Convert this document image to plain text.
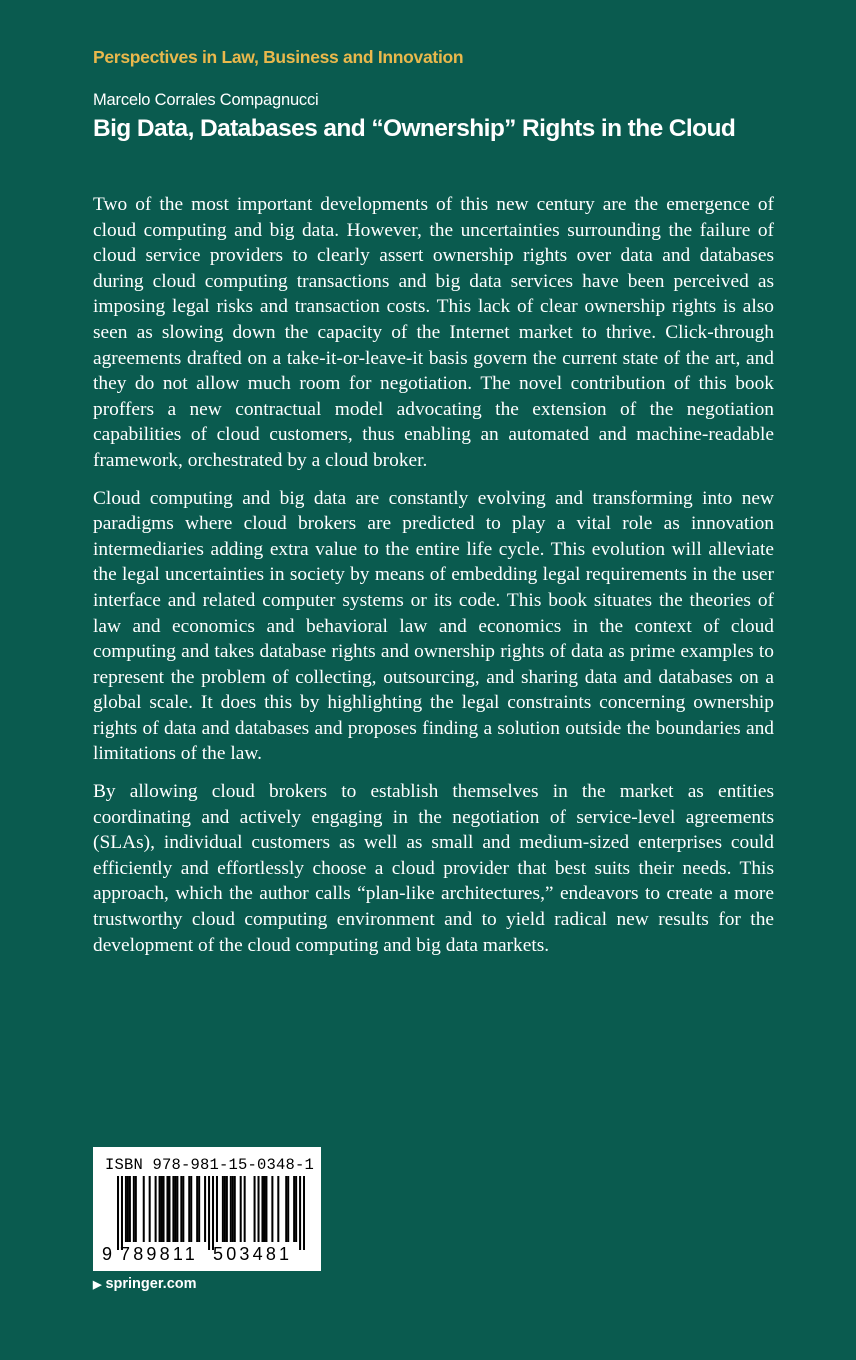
Perspectives in Law, Business and Innovation
Marcelo Corrales Compagnucci
Big Data, Databases and “Ownership” Rights in the Cloud

Two of the most important developments of this new century are the emergence of cloud computing and big data. However, the uncertainties surrounding the failure of cloud service providers to clearly assert ownership rights over data and databases during cloud computing transactions and big data services have been perceived as imposing legal risks and transaction costs. This lack of clear ownership rights is also seen as slowing down the capacity of the Internet market to thrive. Click-through agreements drafted on a take-it-or-leave-it basis govern the current state of the art, and they do not allow much room for negotiation. The novel contribution of this book proffers a new contractual model advocating the extension of the negotiation capabilities of cloud customers, thus enabling an automated and machine-readable framework, orchestrated by a cloud broker.

Cloud computing and big data are constantly evolving and transforming into new paradigms where cloud brokers are predicted to play a vital role as innovation intermediaries adding extra value to the entire life cycle. This evolution will alleviate the legal uncertainties in society by means of embedding legal requirements in the user interface and related computer systems or its code. This book situates the theories of law and economics and behavioral law and economics in the context of cloud computing and takes database rights and ownership rights of data as prime examples to represent the problem of collecting, outsourcing, and sharing data and databases on a global scale. It does this by highlighting the legal constraints concerning ownership rights of data and databases and proposes finding a solution outside the boundaries and limitations of the law.

By allowing cloud brokers to establish themselves in the market as entities coordinating and actively engaging in the negotiation of service-level agreements (SLAs), individual customers as well as small and medium-sized enterprises could efficiently and effortlessly choose a cloud provider that best suits their needs. This approach, which the author calls “plan-like architectures,” endeavors to create a more trustworthy cloud computing environment and to yield radical new results for the development of the cloud computing and big data markets.

ISBN 978-981-15-0348-1
9 789811 503481
▶ springer.com
